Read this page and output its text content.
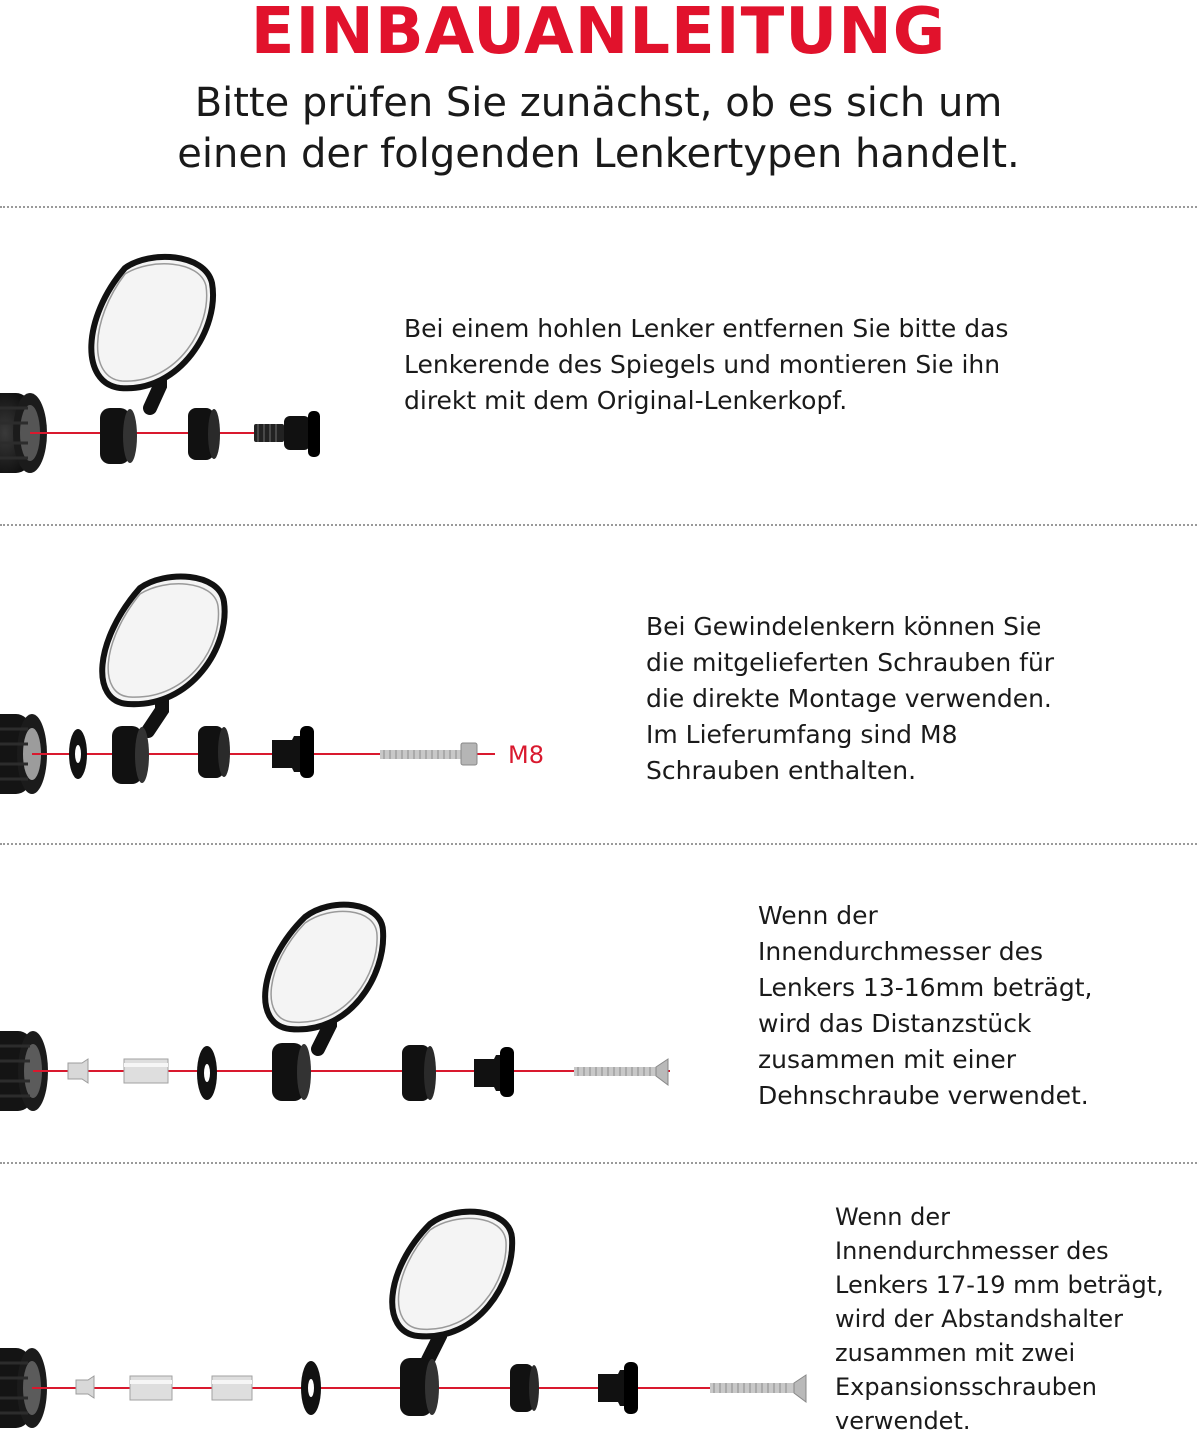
EINBAUANLEITUNG

Bitte prüfen Sie zunächst, ob es sich um
einen der folgenden Lenkertypen handelt.

Bei einem hohlen Lenker entfernen Sie bitte das
Lenkerende des Spiegels und montieren Sie ihn
direkt mit dem Original-Lenkerkopf.

M8

Bei Gewindelenkern können Sie
die mitgelieferten Schrauben für
die direkte Montage verwenden.
Im Lieferumfang sind M8
Schrauben enthalten.

Wenn der
Innendurchmesser des
Lenkers 13-16mm beträgt,
wird das Distanzstück
zusammen mit einer
Dehnschraube verwendet.

Wenn der
Innendurchmesser des
Lenkers 17-19 mm beträgt,
wird der Abstandshalter
zusammen mit zwei
Expansionsschrauben
verwendet.
